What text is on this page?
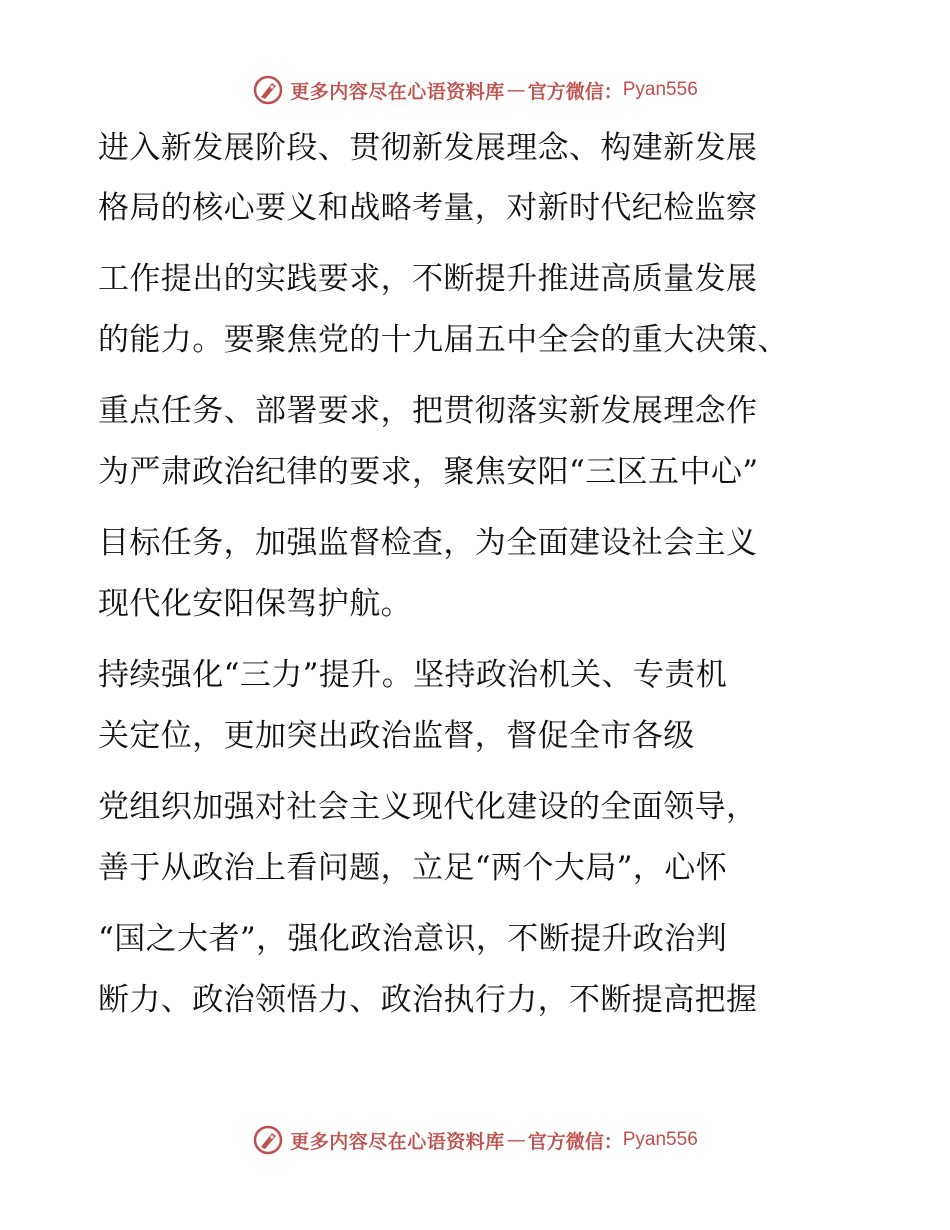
更多内容尽在心语资料库 — 官方微信： Pyan556
进入新发展阶段、贯彻新发展理念、构建新发展
格局的核心要义和战略考量，对新时代纪检监察
工作提出的实践要求，不断提升推进高质量发展
的能力。要聚焦党的十九届五中全会的重大决策、
重点任务、部署要求，把贯彻落实新发展理念作
为严肃政治纪律的要求，聚焦安阳“三区五中心”
目标任务，加强监督检查，为全面建设社会主义
现代化安阳保驾护航。
持续强化“三力”提升。坚持政治机关、专责机
关定位，更加突出政治监督，督促全市各级
党组织加强对社会主义现代化建设的全面领导，
善于从政治上看问题，立足“两个大局”，心怀
“国之大者”，强化政治意识，不断提升政治判
断力、政治领悟力、政治执行力，不断提高把握
更多内容尽在心语资料库 — 官方微信： Pyan556
